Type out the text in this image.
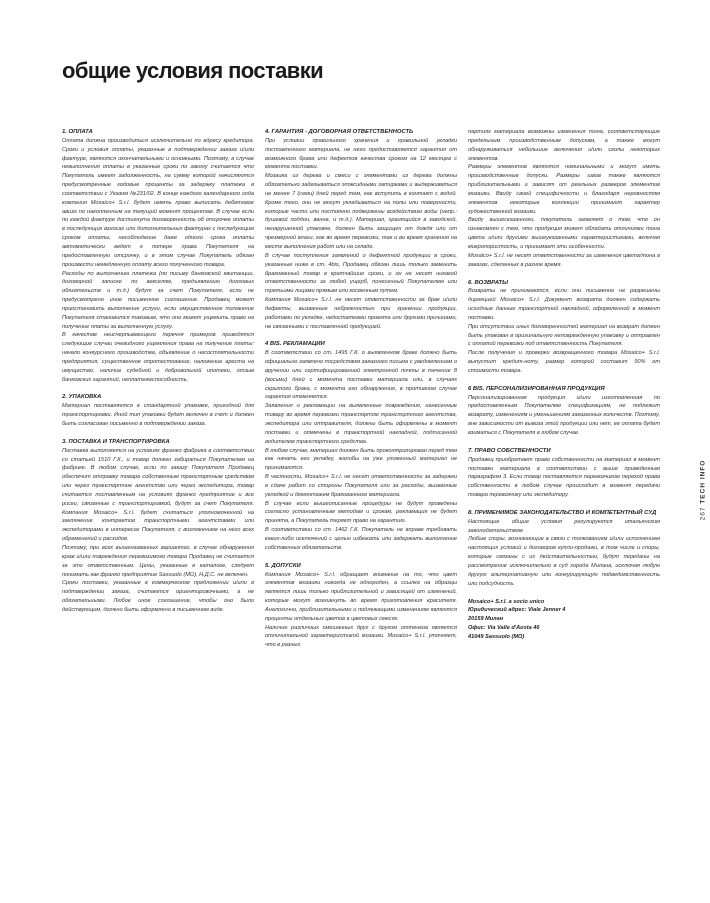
общие условия поставки
1. ОПЛАТА

Оплата должна производиться исключительно по адресу кредитора. Сроки и условия оплаты, указанные в подтверждении заказа и/или фактуре, являются окончательными и основными. Поэтому, в случае невыполнения оплаты в указанные сроки по закону считается что Покупатель имеет задолженность, на сумму которой начисляются предусмотренные годовые проценты за задержку платежа в соответствии с Указом №231/02. В конце каждого календарного года компания Mosaico+ S.r.l. будет иметь право выписать дебетовое авизо по накопленным на текущий момент процентам. В случае если по каждой фактуре достигнута договоренность об отсрочке оплаты в последующих взносах или дополнительных фактурах с последующим сроком оплаты, несоблюдение даже одного срока оплаты автоматически ведет к потере права Покупателя на предоставленную отсрочку, и в этом случае Покупатель обязан произвести немедленную оплату всего полученного товара.

Расходы по выполнению платежа (по письму банковской квитанции, договорной записке по векселям, предъявлению долговых обязательств и т.д.) будут за счет Покупателя, если не предусмотрено иное письменное соглашение. Продавец может приостановить выполнение услуги, если имущественное положение Покупателя становится таковым, что оно может ущемить право на получение платы за выполненную услугу.

В качестве неисчерпывающего перечня примеров приводятся следующие случаи очевидного ущемления права на получение платы: начало конкурсного производства, объявление о несостоятельности предприятия, существенное опротестование, наложение ареста на имущество, наличие судебной и добровольной ипотеки, отзыв банковских гарантий, неплатежеспособность.

2. УПАКОВКА

Материал поставляется в стандартной упаковке, пригодной для транспортировки. Иной тип упаковки будет включен в счет и должен быть согласован письменно в подтверждении заказа.

3. ПОСТАВКА И ТРАНСПОРТИРОВКА

Поставка выполняется на условиях франко фабрика в соответствии со статьей 1510 Г.К., и товар должен забираться Покупателем на фабрике. В любом случае, если по заказу Покупателя Продавец обеспечит отправку товара собственным транспортным средством или через транспортное агентство или через экспедитора, товар считается поставленным на условиях франко предприятие и все риски, связанные с транспортировкой, будут за счет Покупателя. Компания Mosaico+ S.r.l. будет считаться уполномоченной на заключение контрактов транспортными агентствами или экспедиторами в интересах Покупателя, с возложением на него всех обременений и расходов.

Поэтому, при всех вышеназванных вариантах, в случае обнаружения краж и/или повреждения перевозимого товара Продавец не считается за это ответственным. Цены, указанные в каталоге, следует понимать как франко предприятие Sassuolo (MO), Н.Д.С. не включен.

Сроки поставки, указанные в коммерческом предложении и/или в подтверждении заказа, считаются ориентировочными, а не обязательными. Любое иное соглашение, чтобы оно было действующим, должно быть оформлено в письменном виде.

4. ГАРАНТИЯ - ДОГОВОРНАЯ ОТВЕТСТВЕННОСТЬ

При условии правильного хранения и правильной укладки поставленного материала, не него предоставляется гарантия от возможного брака или дефектов качества сроком на 12 месяцев с момента поставки.

Мозаика из дерева и смеси с элементами из дерева должны обязательно заделываться эпоксидными затирками и выдерживаться не менее 7 (семи) дней перед тем, как вступить в контакт с водой. Кроме того, они не могут укладываться на полы или поверхности, которые часто или постоянно подвержены воздействию воды (напр.: душевой поддон, ванна, и т.д.). Материал, хранящийся в заводской, ненарушенной упаковке, должен быть защищен от дождя или от чрезмерной влаги, как во время перевозки, так и во время хранения на месте выполнения работ или на складе.

В случае поступления заявлений о дефектной продукции в сроки, указанные ниже в ст. 4bis, Продавец обязан лишь только заменить бракованный товар в кратчайшие сроки, и он не несет никакой ответственности за любой ущерб, понесенный Покупателем или третьими лицами прямым или косвенным путем.

Компания Mosaico+ S.r.l. не несет ответственности за брак и/или дефекты, вызванные небрежностью при хранении продукции, работами по укладке, недостатками проекта или другими причинами, не связанными с поставленной продукцией.

4 BIS. РЕКЛАМАЦИИ

В соответствии со ст. 1495 Г.К. о выявленном браке должно быть официально заявлено посредством заказного письма с уведомлением о вручении или сертифицированной электронной почты в течение 8 (восьми) дней с момента поставки материала или, в случаях скрытого брака, с момента его обнаружения, в противном случае гарантия отменяется.

Заявления о рекламации на выявленные повреждения, нанесенные товару во время перевозки транспортом транспортного агентства, экспедитора или отправителя, должны быть оформлены в момент поставки и отмечены в транспортной накладной, подписанной водителем транспортного средства.

В любом случае, материал должен быть проконтролирован перед тем как начать его укладку, жалобы на уже уложенный материал не принимаются.

В частности, Mosaico+ S.r.l. не несет ответственности за задержки в сдаче работ со стороны Покупателя или за расходы, вызванные укладкой и демонтажем бракованного материала.

В случае если вышеописанные процедуры не будут проведены согласно установленным методам и срокам, рекламация не будет принята, а Покупатель теряет право на гарантию.

В соответствии со ст. 1462 Г.К. Покупатель не вправе требовать каких-либо исключений с целью избежать или задержать выполнение собственных обязательств.

5. ДОПУСКИ

Компания Mosaico+ S.r.l. обращает внимание на то, что цвет элементов мозаики никогда не однороден, а ссылка на образцы является лишь только приблизительной и зависящей от изменений, которые могут возникнуть во время приготовления красителя. Аналогично, приблизительными и подлежащими изменениям являются проценты отдельных цветов в цветовых смесях.

Наличие различных смешанных друг с другом оттенков является отличительной характеристикой мозаики. Mosaico+ S.r.l. уточняет, что в разных

партиях материала возможны изменения тона, соответствующие предельным производственным допускам, а также могут обнаруживаться небольшие включения и/или сколы некоторых элементов.

Размеры элементов являются номинальными и могут иметь производственные допуски. Размеры швов также являются приблизительными и зависят от реальных размеров элементов мозаики. Ввиду своей специфичности и благодаря неровностям элементов некоторые коллекции принимают характер художественной мозаики.

Ввиду вышесказанного, покупатель заявляет о том, что он ознакомлен с тем, что продукция может обладать отличиями тона цвета и/или другими вышеуказанными характеристиками, включая микропористость, и принимает эти особенности.

Mosaico+ S.r.l. не несет ответственности за изменения цвета/тона в заказах, сделанных в разное время.

6. ВОЗВРАТЫ

Возвраты не принимаются, если они письменно не разрешены дирекцией Mosaico+ S.r.l. Документ возврата должен содержать исходные данные транспортной накладной, оформленной в момент поставки.

При отсутствии иных договоренностей материал на возврат должен быть упакован в оригинальную неповрежденную упаковку и отправлен с оплатой перевозки под ответственность Покупателя.

После получения и проверки возвращенного товара Mosaico+ S.r.l. выпустит кредит-ноту, размер которой составит 90% от стоимости товара.

6 BIS. ПЕРСОНАЛИЗИРОВАННАЯ ПРОДУКЦИЯ

Персонализированная продукция и/или изготовленная по предоставленным Покупателем спецификациям, не подлежит возврату, изменениям и уменьшениям заказанных количеств. Поэтому, вне зависимости от вывоза этой продукции или нет, ее оплата будет взиматься с Покупателя в любом случае.

7. ПРАВО СОБСТВЕННОСТИ

Продавец приобретает право собственности на материал в момент поставки материала в соответствии с выше приведенным параграфом 3. Если товар поставляется перевозчиком переход права собственности в любом случае происходит в момент передачи товара перевозчику или экспедитору.

8. ПРИМЕНИМОЕ ЗАКОНОДАТЕЛЬСТВО И КОМПЕТЕНТНЫЙ СУД

Настоящие общие условия регулируются итальянским законодательством.

Любые споры, возникающие в связи с толкованием и/или исполнением настоящих условий и договоров купли-продажи, в том числе и споры, которые связаны с их действительностью, будут переданы на рассмотрение исключительно в суд города Милана, исключая любую другую альтернативную или конкурирующую подведомственность или подсудность.

Mosaico+ S.r.l. a socio unico

Юридический адрес: Viale Jenner 4

20159 Милан

Офис: Via Valle d'Aosta 46

41049 Sassuolo (MO)

267 TECH INFO
